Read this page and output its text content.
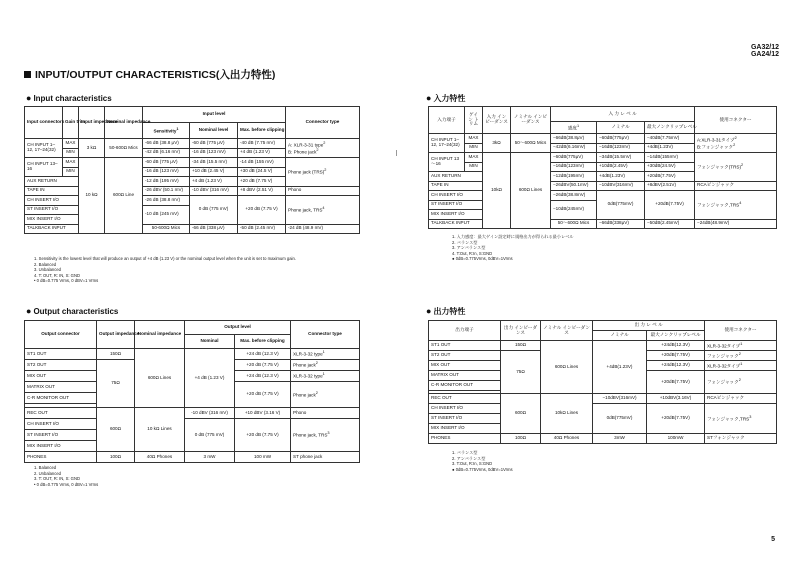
GA32/12
GA24/12
INPUT/OUTPUT CHARACTERISTICS(入出力特性)
● Input characteristics
Input connectors	Gain trim	Input impedance	Nominal impedance	Input level			Connector type	
				Sensitivity$^1$	Nominal level	Max. before clipping		
CH INPUT 1–12, 17–24(32)	MAX	3 kΩ	50-600Ω Mics	-66 dB (38.8 μV)	-60 dB (775 μV)	-40 dB (7.75 mV)	A: XLR-3-31 type$^2$
B: Phone jack$^2$
	MIN			-42 dB (6.16 mV)	-16 dB (123 mV)	+4 dB (1.23 V)		
CH INPUT 13–16	MAX	10 kΩ	600Ω Line	-60 dB (775 μV)	-34 dB (15.5 mV)	-14 dB (155 mV)	Phone jack (TRS)$^2$
	MIN			-16 dB (123 mV)	+10 dB (2.45 V)	+30 dB (24.5 V)		
AUX RETURN				-12 dB (195 mV)	+4 dB (1.23 V)	+20 dB (7.75 V)		
TAPE IN				-26 dBV (50.1 mV)	-10 dBV (316 mV)	+8 dBV (2.51 V)	Phono	
CH INSERT I/O				-26 dB (38.8 mV)	0 dB (775 mV)	+20 dB (7.75 V)	Phone jack, TRS$^4$
ST INSERT I/O				-10 dB (245 mV)				
MIX INSERT I/O								
TALKBACK INPUT				50-600Ω Mics	-66 dB (338 μV)	-50 dB (2.45 mV)	-24 dB (48.9 mV)	
1. Sensitivity is the lowest level that will produce an output of +4 dB (1.23 V) or the nominal output level when the unit is set to maximum gain.
2. Balanced
3. Unbalanced
4. T: OUT, R: IN, S: GND
• 0 dB=0.775 Vrms, 0 dBV=1 Vrms
● Output characteristics
Output connector	Output impedance	Nominal impedance	Output level		Connector type
			Nominal	Max. before clipping	
ST1 OUT	150Ω	600Ω Lines	+4 dB (1.23 V)	+24 dB (12.3 V)	XLR-3-32 type$^1$
ST2 OUT	75Ω			+20 dB (7.75 V)	Phone jack$^2$
MIX OUT				+24 dB (12.3 V)	XLR-3-32 type$^1$
MATRIX OUT				+20 dB (7.75 V)	Phone jack$^2$
C-R MONITOR OUT					

REC OUT	600Ω	10 kΩ Lines	-10 dBV (316 mV)	+10 dBV (3.16 V)	Phono
CH INSERT I/O			0 dB (775 mV)	+20 dB (7.75 V)	Phone jack, TRS$^3$
ST INSERT I/O					
MIX INSERT I/O					
PHONES	100Ω	40Ω Phones	3 mW	100 mW	ST phone jack
1. Balanced
2. Unbalanced
3. T: OUT, R: IN, S: GND
• 0 dB=0.775 Vrms, 0 dBV=1 Vrms
● 入力特性
入力端子	ゲイン トリム	入力 インピーダンス	ノミナル インピーダンス	入 力 レ ベ ル			使用コネクター	
				感度$^1$	ノミナル	最大ノンクリップレベル		
CH INPUT 1–12, 17–24(32)	MAX	3kΩ	50～600Ω Mics	−66dB(38.8μV)	−60dB(775μV)	−40dB(7.75mV)	A:XLR-3-31タイプ$^2$
B:フォンジャック$^2$
	MIN			−42dB(6.16mV)	−16dB(123mV)	+4dB(1.23V)		
CH INPUT 13～16	MAX	10kΩ	600Ω Lines	−60dB(775μV)	−34dB(15.5mV)	−14dB(155mV)	フォンジャック(TRS)$^2$
	MIN			−16dB(123mV)	+10dB(2.45V)	+30dB(24.5V)		
AUX RETURN				−12dB(195mV)	+4dB(1.23V)	+20dB(7.75V)		
TAPE IN				−26dBV(50.1mV)	−10dBV(316mV)	+8dBV(2.51V)	RCAピンジャック	
CH INSERT I/O				−26dB(38.8mV)	0dB(775mV)	+20dB(7.75V)	フォンジャック,TRS$^4$
ST INSERT I/O				−10dB(245mV)				
MIX INSERT I/O								
TALKBACK INPUT				50～600Ω Mics	−66dB(338μV)	−50dB(2.45mV)	−24dB(48.9mV)	
1. 入力感度：最大ゲイン設定時に規格出力が得られる最小レベル
2. バランス型
3. アンバランス型
4. T:Out, R:In, S:GND
● 0dB=0.775Vrms, 0dBV=1Vrms
● 出力特性
出力端子	出力 インピーダンス	ノミナル インピーダンス	出 力 レ ベ ル		使用コネクター
			ノミナル	最大ノンクリップレベル	
ST1 OUT	150Ω	600Ω Lines	+4dB(1.23V)	+24dB(12.3V)	XLR-3-32タイプ$^1$
ST2 OUT	75Ω			+20dB(7.75V)	フォンジャック$^2$
MIX OUT				+24dB(12.3V)	XLR-3-32タイプ$^1$
MATRIX OUT				+20dB(7.75V)	フォンジャック$^2$
C-R MONITOR OUT					

REC OUT	600Ω	10kΩ Lines	−10dBV(316mV)	+10dBV(3.16V)	RCAピンジャック
CH INSERT I/O			0dB(775mV)	+20dB(7.75V)	フォンジャック,TRS$^3$
ST INSERT I/O					
MIX INSERT I/O					
PHONES	100Ω	40Ω Phones	3mW	100mW	STフォンジャック
1. バランス型
2. アンバランス型
3. T:Out, R:In, S:GND
● 0dB=0.775Vrms, 0dBV=1Vrms
5
